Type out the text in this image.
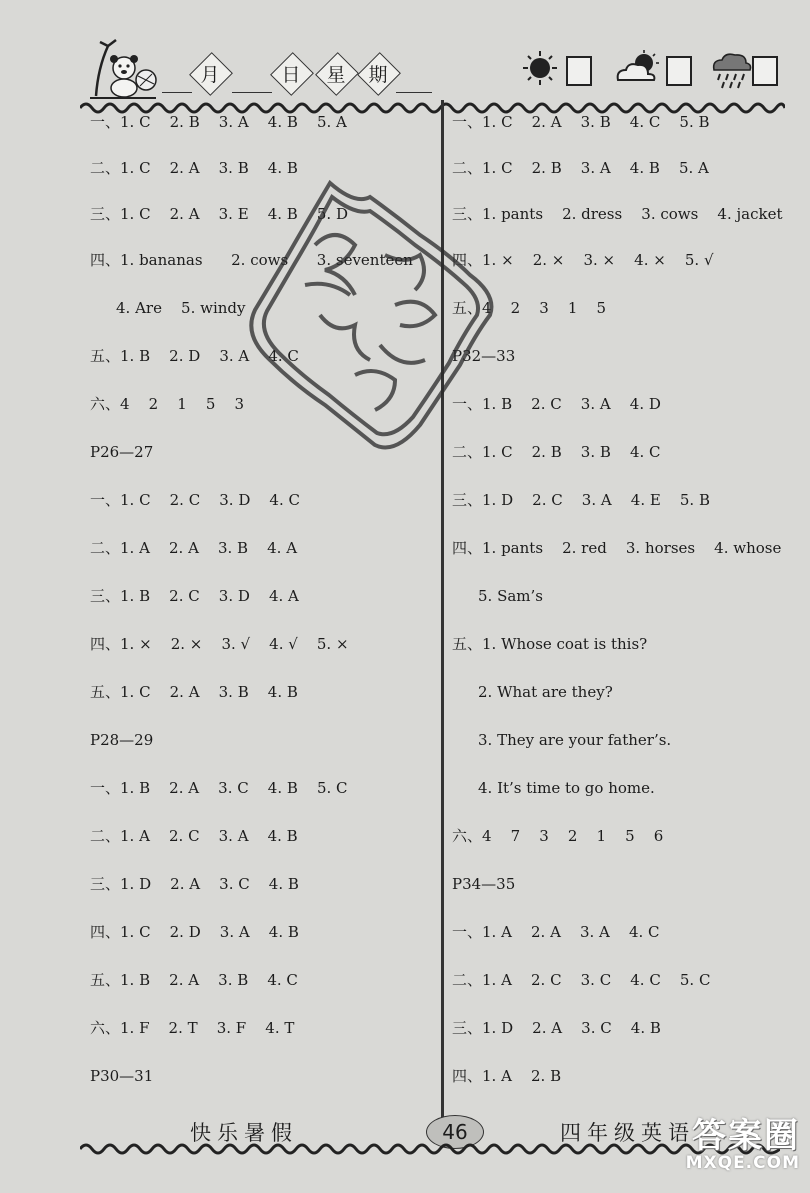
月	日 星 期
一、1. C    2. B    3. A    4. B    5. A
二、1. C    2. A    3. B    4. B
三、1. C    2. A    3. E    4. B    5. D
四、1. bananas      2. cows      3. seventeen
4. Are    5. windy
五、1. B    2. D    3. A    4. C
六、4    2    1    5    3
P26—27
一、1. C    2. C    3. D    4. C
二、1. A    2. A    3. B    4. A
三、1. B    2. C    3. D    4. A
四、1. ×    2. ×    3. √    4. √    5. ×
五、1. C    2. A    3. B    4. B
P28—29
一、1. B    2. A    3. C    4. B    5. C
二、1. A    2. C    3. A    4. B
三、1. D    2. A    3. C    4. B
四、1. C    2. D    3. A    4. B
五、1. B    2. A    3. B    4. C
六、1. F    2. T    3. F    4. T
P30—31
一、1. C    2. A    3. B    4. C    5. B
二、1. C    2. B    3. A    4. B    5. A
三、1. pants    2. dress    3. cows    4. jacket
四、1. ×    2. ×    3. ×    4. ×    5. √
五、4    2    3    1    5
P32—33
一、1. B    2. C    3. A    4. D
二、1. C    2. B    3. B    4. C
三、1. D    2. C    3. A    4. E    5. B
四、1. pants    2. red    3. horses    4. whose
5. Sam’s
五、1. Whose coat is this?
2. What are they?
3. They are your father’s.
4. It’s time to go home.
六、4    7    3    2    1    5    6
P34—35
一、1. A    2. A    3. A    4. C
二、1. A    2. C    3. C    4. C    5. C
三、1. D    2. A    3. C    4. B
四、1. A    2. B
快乐暑假	46	四年级英语
答案圈
MXQE.COM
